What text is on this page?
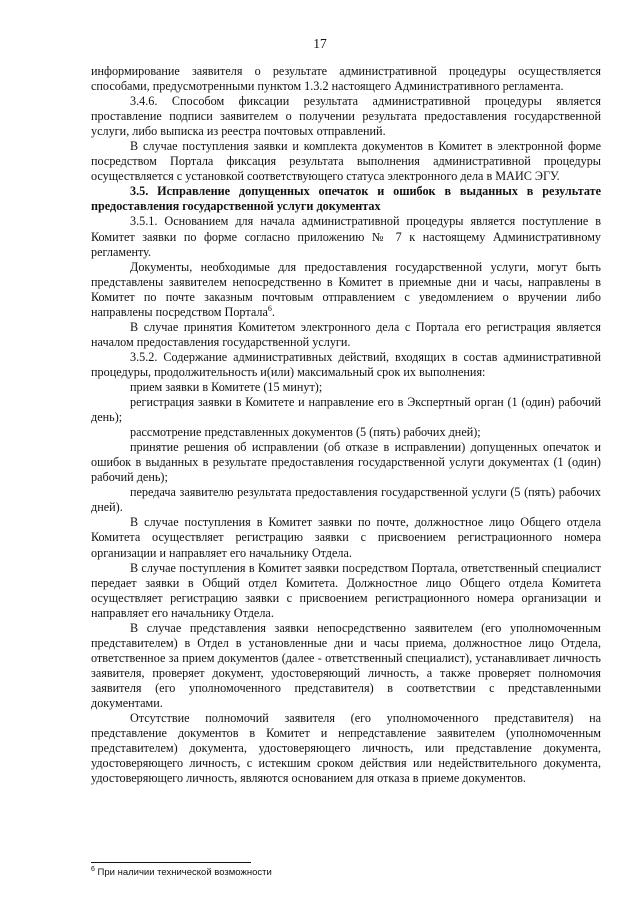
17

информирование заявителя о результате административной процедуры осуществляется способами, предусмотренными пунктом 1.3.2 настоящего Административного регламента.

3.4.6. Способом фиксации результата административной процедуры является проставление подписи заявителем о получении результата предоставления государственной услуги, либо выписка из реестра почтовых отправлений.

В случае поступления заявки и комплекта документов в Комитет в электронной форме посредством Портала фиксация результата выполнения административной процедуры осуществляется с установкой соответствующего статуса электронного дела в МАИС ЭГУ.

3.5. Исправление допущенных опечаток и ошибок в выданных в результате предоставления государственной услуги документах

3.5.1. Основанием для начала административной процедуры является поступление в Комитет заявки по форме согласно приложению № 7 к настоящему Административному регламенту.

Документы, необходимые для предоставления государственной услуги, могут быть представлены заявителем непосредственно в Комитет в приемные дни и часы, направлены в Комитет по почте заказным почтовым отправлением с уведомлением о вручении либо направлены посредством Портала$^6$.

В случае принятия Комитетом электронного дела с Портала его регистрация является началом предоставления государственной услуги.

3.5.2. Содержание административных действий, входящих в состав административной процедуры, продолжительность и(или) максимальный срок их выполнения:

прием заявки в Комитете (15 минут);

регистрация заявки в Комитете и направление его в Экспертный орган (1 (один) рабочий день);

рассмотрение представленных документов (5 (пять) рабочих дней);

принятие решения об исправлении (об отказе в исправлении) допущенных опечаток и ошибок в выданных в результате предоставления государственной услуги документах (1 (один) рабочий день);

передача заявителю результата предоставления государственной услуги (5 (пять) рабочих дней).

В случае поступления в Комитет заявки по почте, должностное лицо Общего отдела Комитета осуществляет регистрацию заявки с присвоением регистрационного номера организации и направляет его начальнику Отдела.

В случае поступления в Комитет заявки посредством Портала, ответственный специалист передает заявки в Общий отдел Комитета. Должностное лицо Общего отдела Комитета осуществляет регистрацию заявки с присвоением регистрационного номера организации и направляет его начальнику Отдела.

В случае представления заявки непосредственно заявителем (его уполномоченным представителем) в Отдел в установленные дни и часы приема, должностное лицо Отдела, ответственное за прием документов (далее - ответственный специалист), устанавливает личность заявителя, проверяет документ, удостоверяющий личность, а также проверяет полномочия заявителя (его уполномоченного представителя) в соответствии с представленными документами.

Отсутствие полномочий заявителя (его уполномоченного представителя) на представление документов в Комитет и непредставление заявителем (уполномоченным представителем) документа, удостоверяющего личность, или представление документа, удостоверяющего личность, с истекшим сроком действия или недействительного документа, удостоверяющего личность, являются основанием для отказа в приеме документов.

$^6$ При наличии технической возможности
